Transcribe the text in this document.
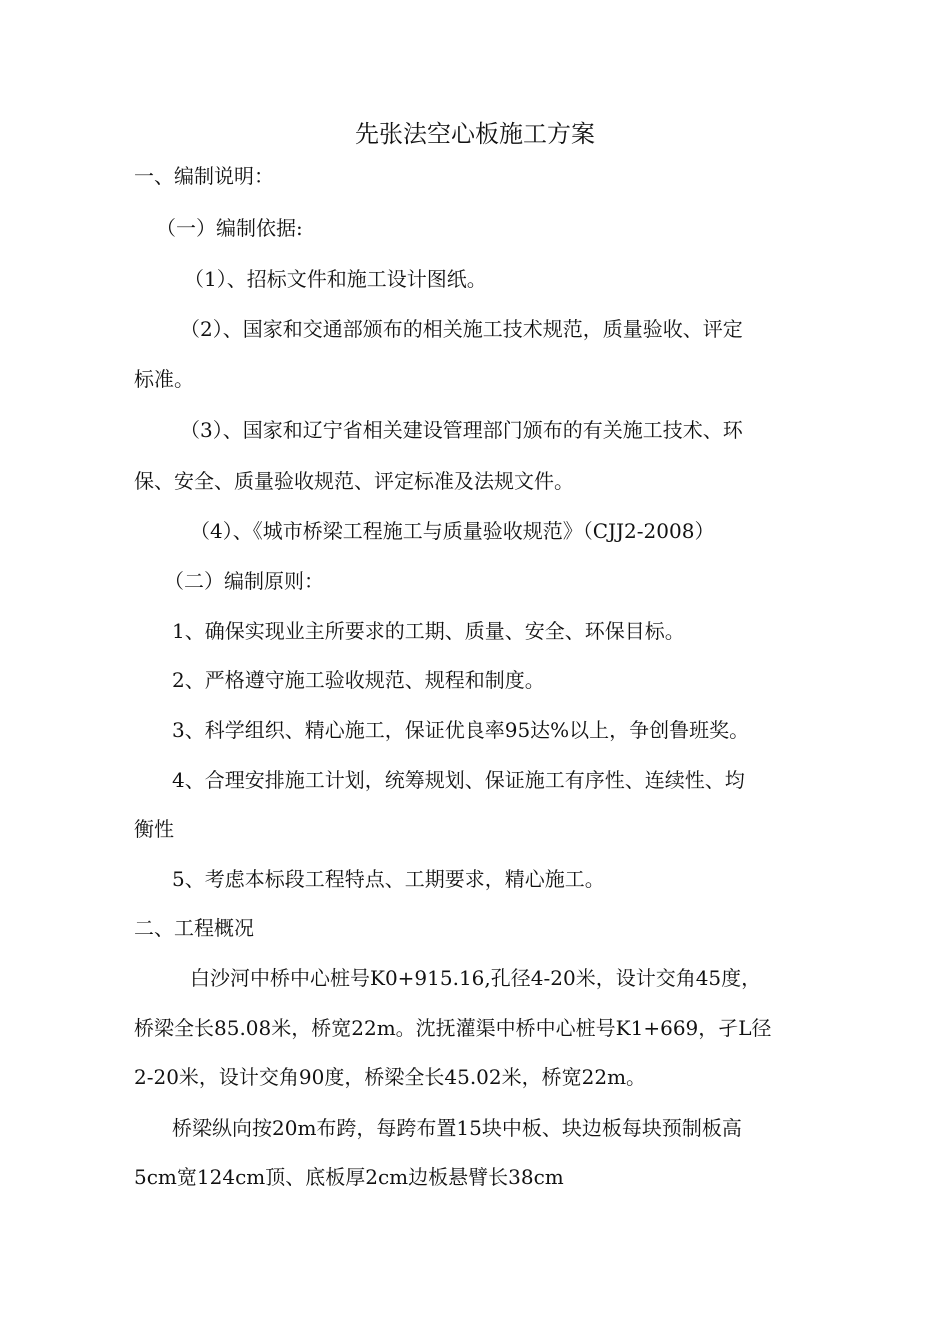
先张法空心板施工方案
一、编制说明：
（一）编制依据:
（1）、招标文件和施工设计图纸。
（2）、国家和交通部颁布的相关施工技术规范，质量验收、评定
标准。
（3）、国家和辽宁省相关建设管理部门颁布的有关施工技术、环
保、安全、质量验收规范、评定标准及法规文件。
（4）、《城市桥梁工程施工与质量验收规范》（CJJ2-2008）
（二）编制原则：
1、确保实现业主所要求的工期、质量、安全、环保目标。
2、严格遵守施工验收规范、规程和制度。
3、科学组织、精心施工，保证优良率95达%以上，争创鲁班奖。
4、合理安排施工计划，统筹规划、保证施工有序性、连续性、均
衡性
5、考虑本标段工程特点、工期要求，精心施工。
二、工程概况
白沙河中桥中心桩号K0+915.16,孔径4-20米，设计交角45度，
桥梁全长85.08米，桥宽22m。沈抚灌渠中桥中心桩号K1+669，孑L径
2-20米，设计交角90度，桥梁全长45.02米，桥宽22m。
桥梁纵向按20m布跨，每跨布置15块中板、块边板每块预制板高
5cm宽124cm顶、底板厚2cm边板悬臂长38cm
